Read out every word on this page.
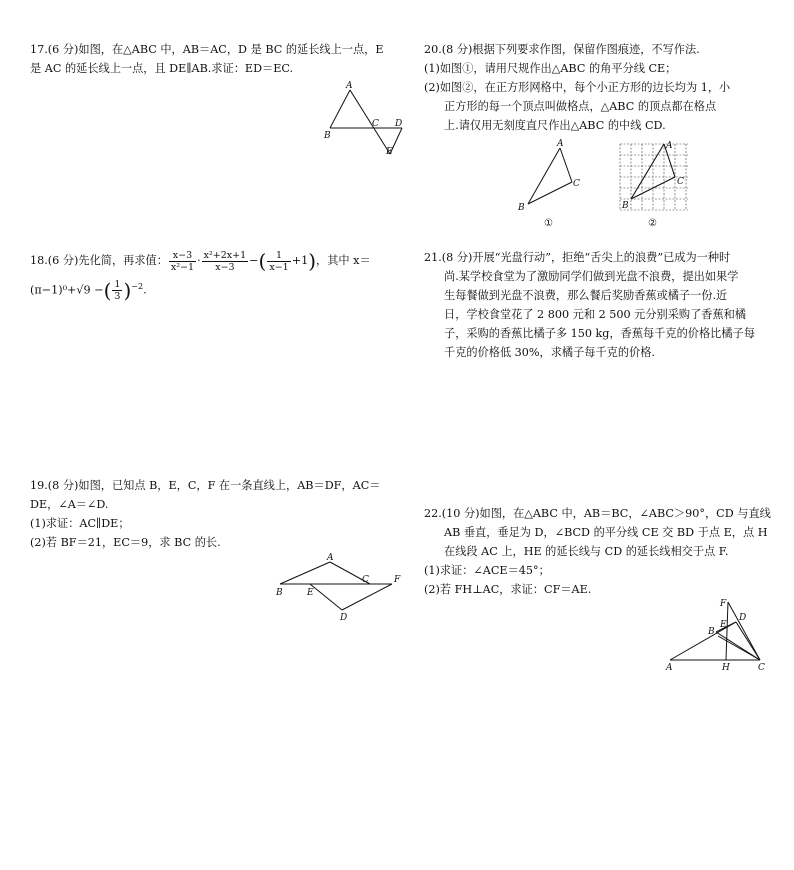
17.(6 分)如图，在△ABC 中，AB＝AC，D 是 BC 的延长线上一点，E

是 AC 的延长线上一点，且 DE∥AB.求证：ED＝EC.

A
B
C D
E

18.(6 分)先化简，再求值： $\frac{x-3}{\text{x²−1}} \cdot \frac{\text{x²+2x+1}}{x-3}$ −( $\frac{1}{x-1} +1$)，其中 x＝

(π−1)⁰+√9 −( $\frac{1}{3} )^{-2}$.

19.(8 分)如图，已知点 B，E，C，F 在一条直线上，AB＝DF，AC＝

DE，∠A＝∠D.

(1)求证：AC∥DE；

(2)若 BF＝21，EC＝9，求 BC 的长.

A
B	E
C	F
D

20.(8 分)根据下列要求作图，保留作图痕迹，不写作法.

(1)如图①，请用尺规作出△ABC 的角平分线 CE；

(2)如图②，在正方形网格中，每个小正方形的边长均为 1，小

正方形的每一个顶点叫做格点，△ABC 的顶点都在格点

上.请仅用无刻度直尺作出△ABC 的中线 CD.

A
B
C
①
A
B
C
②

21.(8 分)开展“光盘行动”，拒绝“舌尖上的浪费”已成为一种时

尚.某学校食堂为了激励同学们做到光盘不浪费，提出如果学

生每餐做到光盘不浪费，那么餐后奖励香蕉或橘子一份.近

日，学校食堂花了 2 800 元和 2 500 元分别采购了香蕉和橘

子，采购的香蕉比橘子多 150 kg，香蕉每千克的价格比橘子每

千克的价格低 30%，求橘子每千克的价格.

22.(10 分)如图，在△ABC 中，AB＝BC，∠ABC＞90°，CD 与直线

AB 垂直，垂足为 D，∠BCD 的平分线 CE 交 BD 于点 E，点 H

在线段 AC 上，HE 的延长线与 CD 的延长线相交于点 F.

(1)求证：∠ACE＝45°；

(2)若 FH⊥AC，求证：CF＝AE.

F
D
E
B
A	H	C
